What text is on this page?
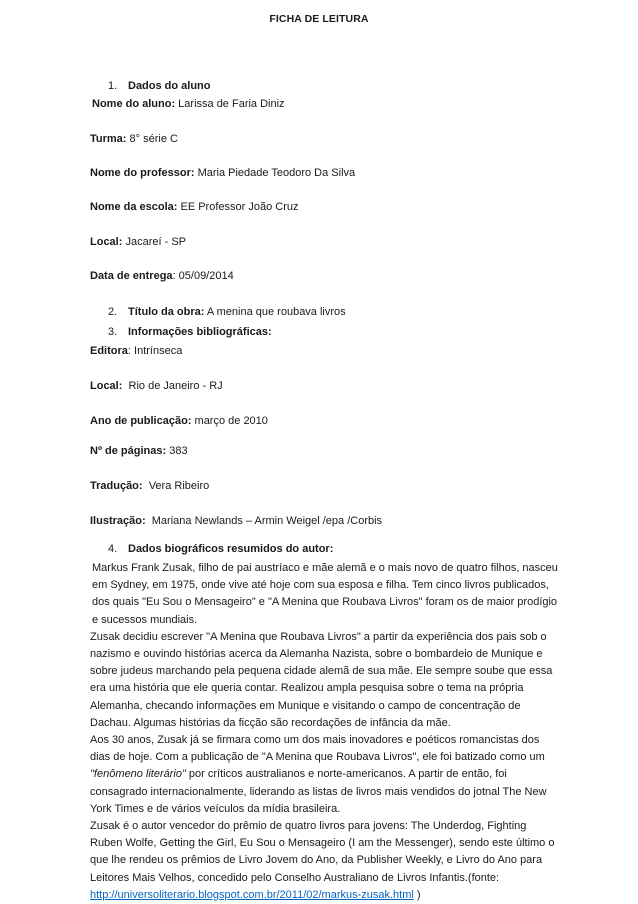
FICHA DE LEITURA
1. Dados do aluno
Nome do aluno: Larissa de Faria Diniz
Turma: 8° série C
Nome do professor: Maria Piedade Teodoro Da Silva
Nome da escola: EE Professor João Cruz
Local: Jacareí - SP
Data de entrega: 05/09/2014
2. Título da obra: A menina que roubava livros
3. Informações bibliográficas:
Editora: Intrínseca
Local: Rio de Janeiro - RJ
Ano de publicação: março de 2010
Nº de páginas: 383
Tradução: Vera Ribeiro
Ilustração: Mariana Newlands – Armin Weigel /epa /Corbis
4. Dados biográficos resumidos do autor:

Markus Frank Zusak, filho de pai austríaco e mãe alemã e o mais novo de quatro filhos, nasceu em Sydney, em 1975, onde vive até hoje com sua esposa e filha. Tem cinco livros publicados, dos quais "Eu Sou o Mensageiro" e "A Menina que Roubava Livros" foram os de maior prodígio e sucessos mundiais.

Zusak decidiu escrever "A Menina que Roubava Livros" a partir da experiência dos pais sob o nazismo e ouvindo histórias acerca da Alemanha Nazista, sobre o bombardeio de Munique e sobre judeus marchando pela pequena cidade alemã de sua mãe. Ele sempre soube que essa era uma história que ele queria contar. Realizou ampla pesquisa sobre o tema na própria Alemanha, checando informações em Munique e visitando o campo de concentração de Dachau. Algumas histórias da ficção são recordações de infância da mãe.

Aos 30 anos, Zusak já se firmara como um dos mais inovadores e poéticos romancistas dos dias de hoje. Com a publicação de "A Menina que Roubava Livros", ele foi batizado como um "fenômeno literário" por críticos australianos e norte-americanos. A partir de então, foi consagrado internacionalmente, liderando as listas de livros mais vendidos do jotnal The New York Times e de vários veículos da mídia brasileira.

Zusak é o autor vencedor do prêmio de quatro livros para jovens: The Underdog, Fighting Ruben Wolfe, Getting the Girl, Eu Sou o Mensageiro (I am the Messenger), sendo este último o que lhe rendeu os prêmios de Livro Jovem do Ano, da Publisher Weekly, e Livro do Ano para Leitores Mais Velhos, concedido pelo Conselho Australiano de Livros Infantis.(fonte: http://universoliterario.blogspot.com.br/2011/02/markus-zusak.html )
